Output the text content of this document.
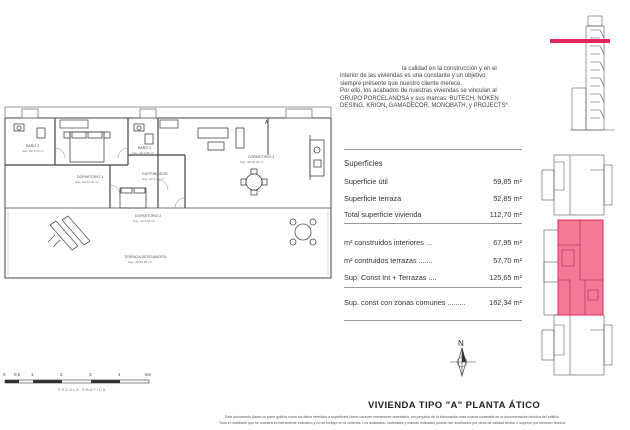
la calidad en la construcción y en el
interior de las viviendas es una constante y un objetivo
siempre presente que nuestro cliente merece.
Por ello, los acabados de nuestras viviendas se vinculan al
GRUPO PORCELANOSA y sus marcas: BUTECH, NOKEN
DESING, KRION, GAMADECOR, MONOBATH, y PROJECTS*.
Superficies
Superficie útil	59,85 m²
Superficie terraza	52,85 m²
Total superficie vivienda	112,70 m²
m² construidos interiores ...	67,95 m²
m² contruidos terrazas .......	57,70 m²
Sup. Const Int + Terrazas ....	125,65 m²
Sup. const con zonas comunes .........	162,34 m²
BAÑO 2
Sup. útil 3,50 m²
BAÑO 1
Sup. útil 3,85 m²
DORMITORIO 1
Sup. útil 10,40 m²
DISTRIBUIDOR
Sup. útil 4,15 m²
DORMITORIO 2
Sup. útil 8,80 m²
DORMITORIO 3
Sup. útil 28,40 m²
TERRAZA DESCUBIERTA
Sup. útil 52,85 m²
A
N
0 0,5 1	2	3	4	5m
ESCALA GRÁFICA
VIVIENDA TIPO "A" PLANTA ÁTICO
Este documento (tanto su parte gráfica como los datos referidos a superficies) tiene carácter meramente orientativo, sin perjuicio de la información más exacta contenida en la documentación técnica del edificio.
Todo el mobiliario que se muestra es meramente indicativo y no se incluye en la vivienda. Los acabados, materiales y marcas indicados podrán ser sustituidos por otros de calidad similar o superior por decisión técnica.
